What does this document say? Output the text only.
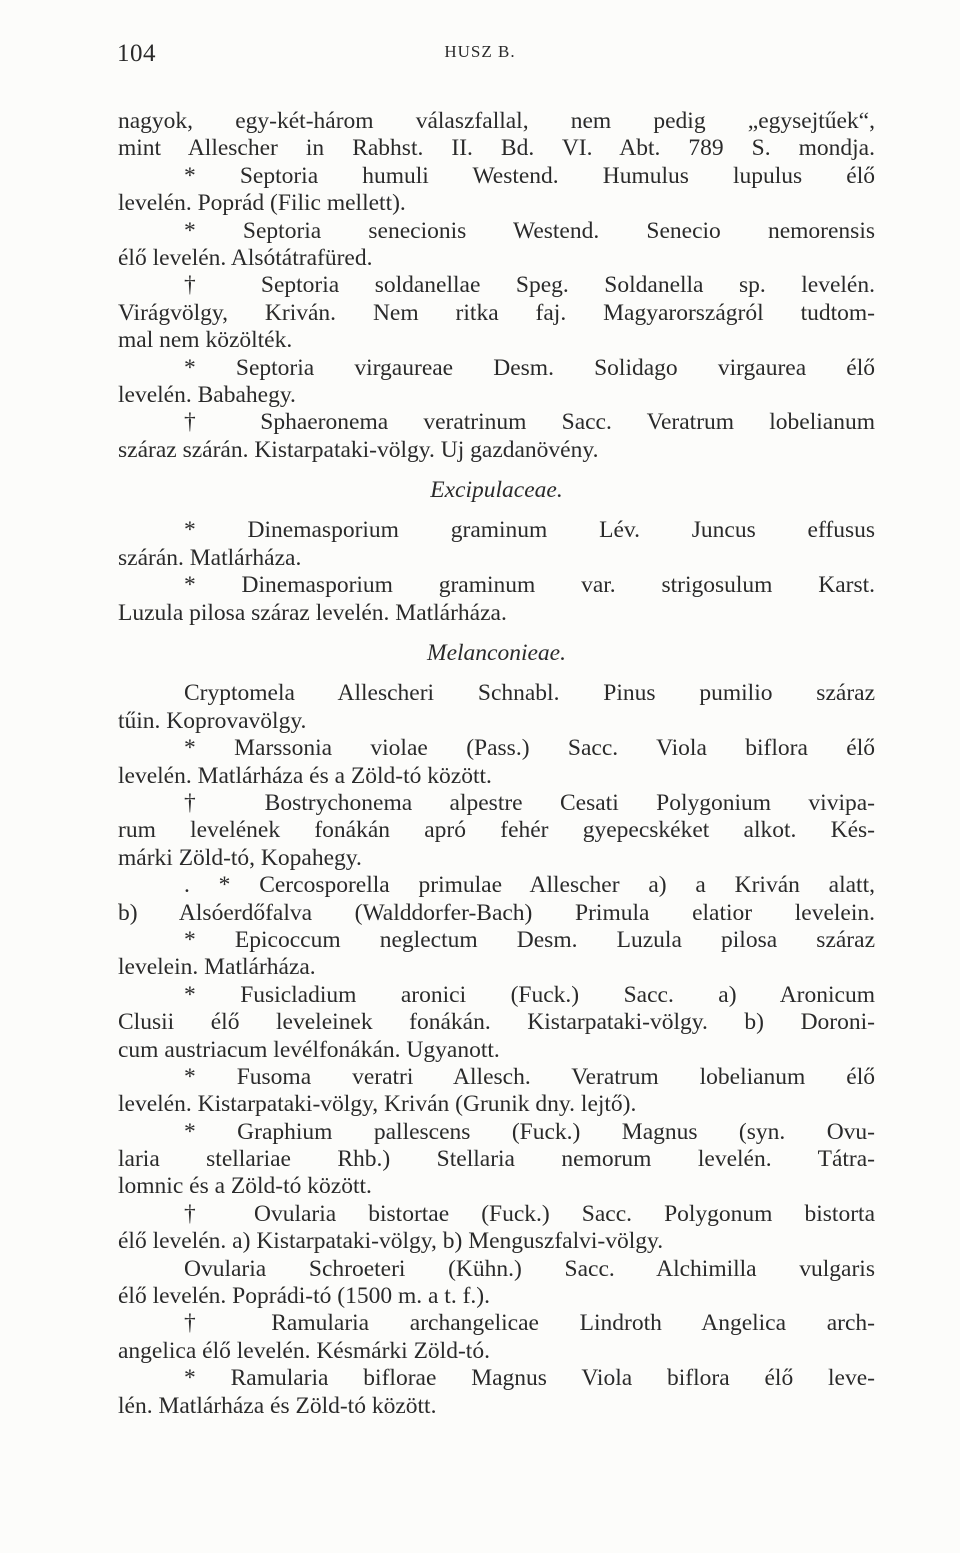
104	HUSZ B.
nagyok, egy-két-három válaszfallal, nem pedig „egysejtűek“,
mint Allescher in Rabhst. II. Bd. VI. Abt. 789 S. mondja.
* Septoria humuli Westend. Humulus lupulus élő
levelén. Poprád (Filic mellett).
* Septoria senecionis Westend. Senecio nemorensis
élő levelén. Alsótátrafüred.
† Septoria soldanellae Speg. Soldanella sp. levelén.
Virágvölgy, Kriván. Nem ritka faj. Magyarországról tudtom-
mal nem közölték.
* Septoria virgaureae Desm. Solidago virgaurea élő
levelén. Babahegy.
† Sphaeronema veratrinum Sacc. Veratrum lobelianum
száraz szárán. Kistarpataki-völgy. Uj gazdanövény.
Excipulaceae.
* Dinemasporium graminum Lév. Juncus effusus
szárán. Matlárháza.
* Dinemasporium graminum var. strigosulum Karst.
Luzula pilosa száraz levelén. Matlárháza.
Melanconieae.
Cryptomela Allescheri Schnabl. Pinus pumilio száraz
tűin. Koprovavölgy.
* Marssonia violae (Pass.) Sacc. Viola biflora élő
levelén. Matlárháza és a Zöld-tó között.
† Bostrychonema alpestre Cesati Polygonium vivipa-
rum levelének fonákán apró fehér gyepecskéket alkot. Kés-
márki Zöld-tó, Kopahegy.
. * Cercosporella primulae Allescher a) a Kriván alatt,
b) Alsóerdőfalva (Walddorfer-Bach) Primula elatior levelein.
* Epicoccum neglectum Desm. Luzula pilosa száraz
levelein. Matlárháza.
* Fusicladium aronici (Fuck.) Sacc. a) Aronicum
Clusii élő leveleinek fonákán. Kistarpataki-völgy. b) Doroni-
cum austriacum levélfonákán. Ugyanott.
* Fusoma veratri Allesch. Veratrum lobelianum élő
levelén. Kistarpataki-völgy, Kriván (Grunik dny. lejtő).
* Graphium pallescens (Fuck.) Magnus (syn. Ovu-
laria stellariae Rhb.) Stellaria nemorum levelén. Tátra-
lomnic és a Zöld-tó között.
† Ovularia bistortae (Fuck.) Sacc. Polygonum bistorta
élő levelén. a) Kistarpataki-völgy, b) Menguszfalvi-völgy.
Ovularia Schroeteri (Kühn.) Sacc. Alchimilla vulgaris
élő levelén. Poprádi-tó (1500 m. a t. f.).
† Ramularia archangelicae Lindroth Angelica arch-
angelica élő levelén. Késmárki Zöld-tó.
* Ramularia biflorae Magnus Viola biflora élő leve-
lén. Matlárháza és Zöld-tó között.
